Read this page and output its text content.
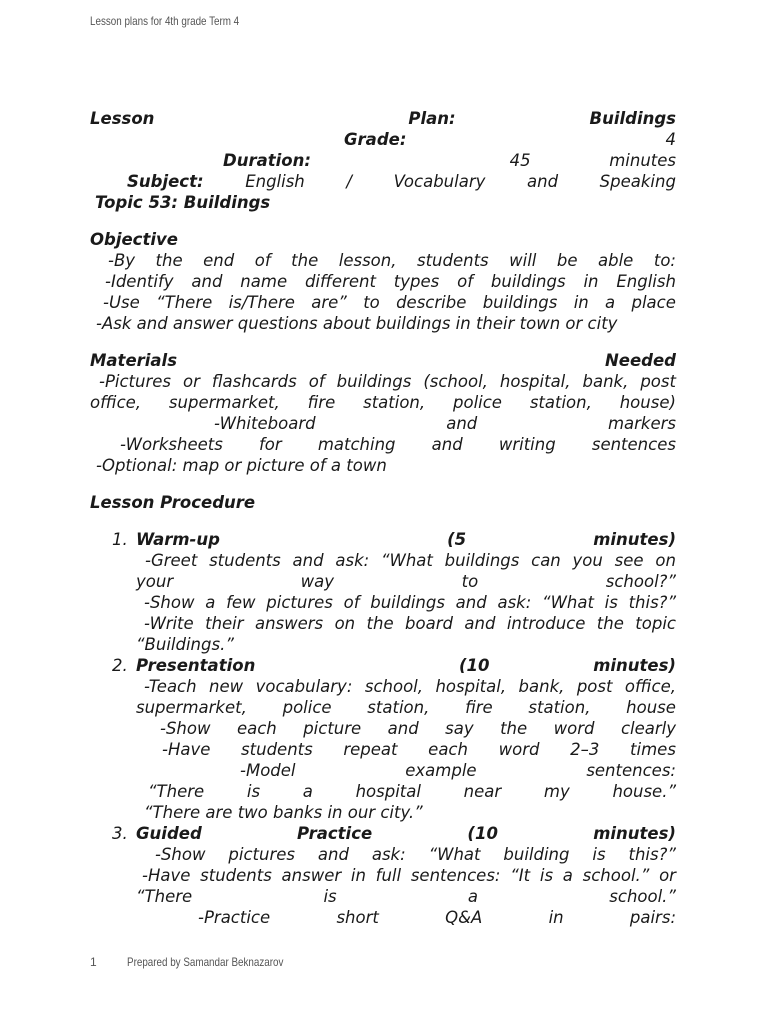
Lesson plans for 4th grade Term 4
Lesson	Plan:	Buildings
Grade:	4
Duration:	45	minutes
Subject:	English	/	Vocabulary	and	Speaking
Topic 53: Buildings
Objective
-By the end of the lesson, students will be able to:
-Identify and name different types of buildings in English
-Use “There is/There are” to describe buildings in a place
-Ask and answer questions about buildings in their town or city
Materials	Needed
-Pictures or flashcards of buildings (school, hospital, bank, post
office, supermarket, fire station, police station, house)
-Whiteboard	and	markers
-Worksheets for matching and writing sentences
-Optional: map or picture of a town
Lesson Procedure
1. Warm-up	(5	minutes)
-Greet students and ask: “What buildings can you see on
your	way	to	school?”
-Show a few pictures of buildings and ask: “What is this?”
-Write their answers on the board and introduce the topic
“Buildings.”
2. Presentation	(10	minutes)
-Teach new vocabulary: school, hospital, bank, post office,
supermarket, police station, fire station, house
-Show each picture and say the word clearly
-Have students repeat each word 2–3 times
-Model	example	sentences:
“There	is	a	hospital	near	my	house.”
“There are two banks in our city.”
3. Guided	Practice	(10	minutes)
-Show pictures and ask: “What building is this?”
-Have students answer in full sentences: “It is a school.” or
“There	is	a	school.”
-Practice	short	Q&A	in	pairs:
1	Prepared by Samandar Beknazarov
